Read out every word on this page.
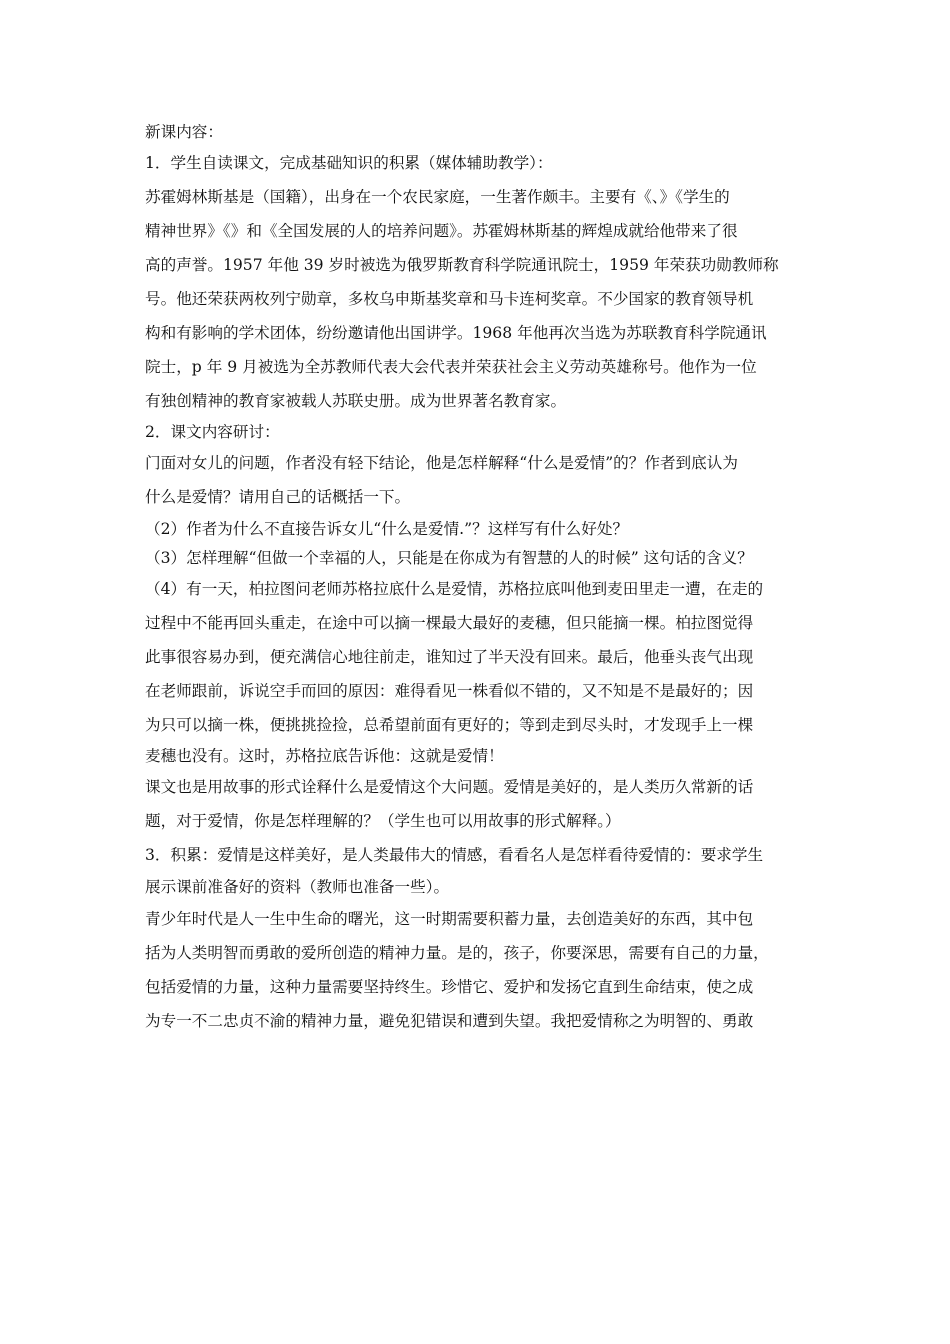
新课内容：
1．学生自读课文，完成基础知识的积累（媒体辅助教学）：
苏霍姆林斯基是（国籍），出身在一个农民家庭，一生著作颇丰。主要有《、》《学生的
精神世界》《》和《全国发展的人的培养问题》。苏霍姆林斯基的辉煌成就给他带来了很
高的声誉。1957 年他 39 岁时被选为俄罗斯教育科学院通讯院士，1959 年荣获功勋教师称
号。他还荣获两枚列宁勋章，多枚乌申斯基奖章和马卡连柯奖章。不少国家的教育领导机
构和有影响的学术团体，纷纷邀请他出国讲学。1968 年他再次当选为苏联教育科学院通讯
院士，p 年 9 月被选为全苏教师代表大会代表并荣获社会主义劳动英雄称号。他作为一位
有独创精神的教育家被载人苏联史册。成为世界著名教育家。
2．课文内容研讨：
门面对女儿的问题，作者没有轻下结论，他是怎样解释“什么是爱情”的？作者到底认为
什么是爱情？请用自己的话概括一下。
（2）作者为什么不直接告诉女儿“什么是爱情.”？这样写有什么好处？
（3）怎样理解“但做一个幸福的人，只能是在你成为有智慧的人的时候” 这句话的含义？
（4）有一天，柏拉图问老师苏格拉底什么是爱情，苏格拉底叫他到麦田里走一遭，在走的
过程中不能再回头重走，在途中可以摘一棵最大最好的麦穗，但只能摘一棵。柏拉图觉得
此事很容易办到，便充满信心地往前走，谁知过了半天没有回来。最后，他垂头丧气出现
在老师跟前，诉说空手而回的原因：难得看见一株看似不错的，又不知是不是最好的；因
为只可以摘一株，便挑挑捡捡，总希望前面有更好的；等到走到尽头时，才发现手上一棵
麦穗也没有。这时，苏格拉底告诉他：这就是爱情！
课文也是用故事的形式诠释什么是爱情这个大问题。爱情是美好的，是人类历久常新的话
题，对于爱情，你是怎样理解的？（学生也可以用故事的形式解释。）
3．积累：爱情是这样美好，是人类最伟大的情感，看看名人是怎样看待爱情的：要求学生
展示课前准备好的资料（教师也准备一些）。
青少年时代是人一生中生命的曙光，这一时期需要积蓄力量，去创造美好的东西，其中包
括为人类明智而勇敢的爱所创造的精神力量。是的，孩子，你要深思，需要有自己的力量，
包括爱情的力量，这种力量需要坚持终生。珍惜它、爱护和发扬它直到生命结束，使之成
为专一不二忠贞不渝的精神力量，避免犯错误和遭到失望。我把爱情称之为明智的、勇敢
